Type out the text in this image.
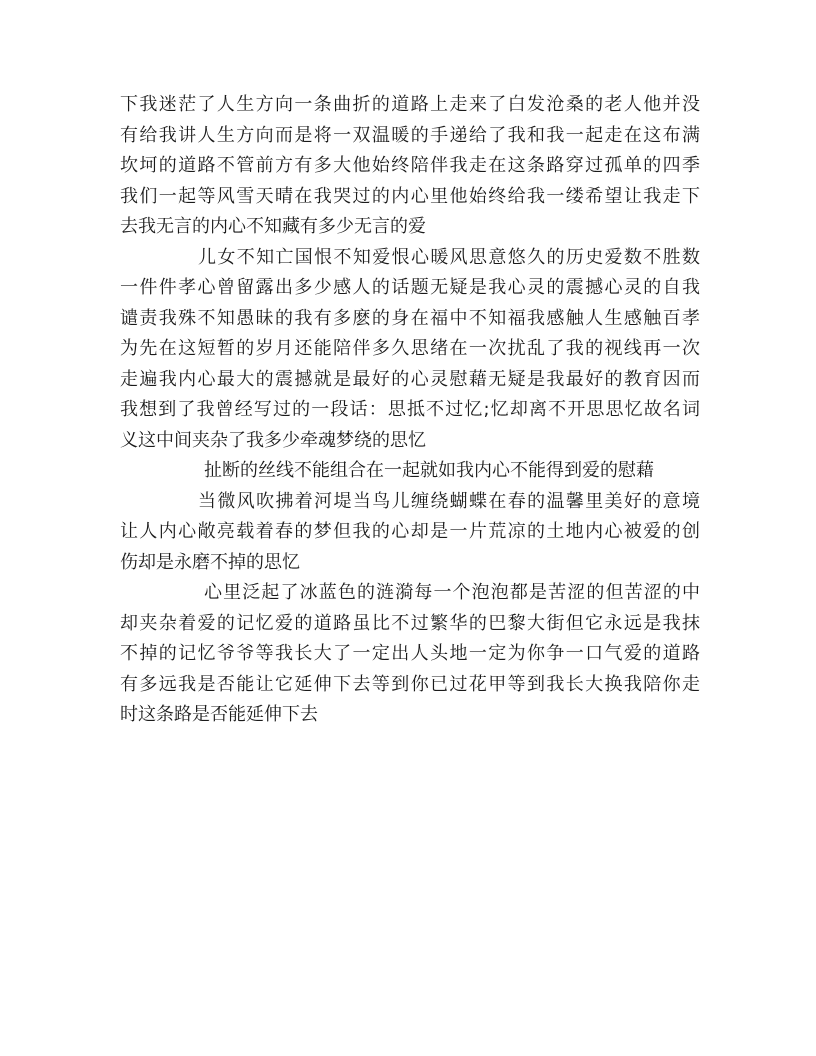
下我迷茫了人生方向一条曲折的道路上走来了白发沧桑的老人他并没
有给我讲人生方向而是将一双温暖的手递给了我和我一起走在这布满
坎坷的道路不管前方有多大他始终陪伴我走在这条路穿过孤单的四季
我们一起等风雪天晴在我哭过的内心里他始终给我一缕希望让我走下
去我无言的内心不知藏有多少无言的爱
儿女不知亡国恨不知爱恨心暖风思意悠久的历史爱数不胜数
一件件孝心曾留露出多少感人的话题无疑是我心灵的震撼心灵的自我
谴责我殊不知愚昧的我有多麽的身在福中不知福我感触人生感触百孝
为先在这短暂的岁月还能陪伴多久思绪在一次扰乱了我的视线再一次
走遍我内心最大的震撼就是最好的心灵慰藉无疑是我最好的教育因而
我想到了我曾经写过的一段话：思抵不过忆;忆却离不开思思忆故名词
义这中间夹杂了我多少牵魂梦绕的思忆
扯断的丝线不能组合在一起就如我内心不能得到爱的慰藉
当微风吹拂着河堤当鸟儿缠绕蝴蝶在春的温馨里美好的意境
让人内心敞亮载着春的梦但我的心却是一片荒凉的土地内心被爱的创
伤却是永磨不掉的思忆
心里泛起了冰蓝色的涟漪每一个泡泡都是苦涩的但苦涩的中
却夹杂着爱的记忆爱的道路虽比不过繁华的巴黎大街但它永远是我抹
不掉的记忆爷爷等我长大了一定出人头地一定为你争一口气爱的道路
有多远我是否能让它延伸下去等到你已过花甲等到我长大换我陪你走
时这条路是否能延伸下去
